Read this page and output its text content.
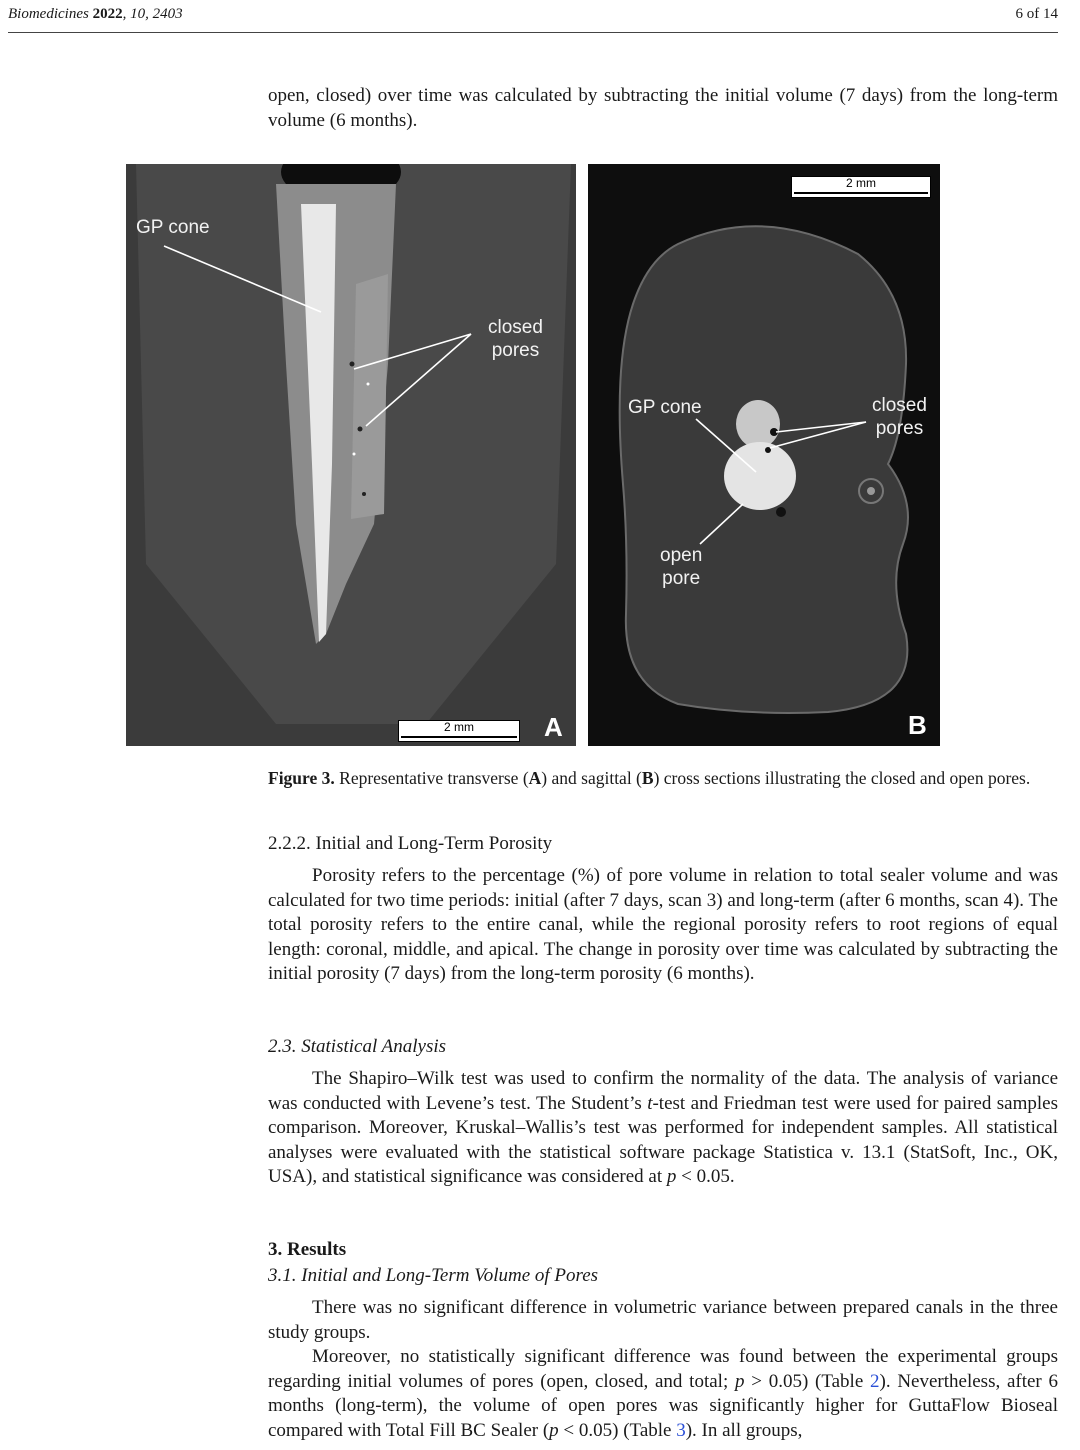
Biomedicines 2022, 10, 2403	6 of 14

open, closed) over time was calculated by subtracting the initial volume (7 days) from the long-term volume (6 months).

GP cone
closed
pores
2 mm	A
2 mm
GP cone	closed
pores
open
pore
B
Figure 3. Representative transverse (A) and sagittal (B) cross sections illustrating the closed and open pores.
2.2.2. Initial and Long-Term Porosity

Porosity refers to the percentage (%) of pore volume in relation to total sealer volume and was calculated for two time periods: initial (after 7 days, scan 3) and long-term (after 6 months, scan 4). The total porosity refers to the entire canal, while the regional porosity refers to root regions of equal length: coronal, middle, and apical. The change in porosity over time was calculated by subtracting the initial porosity (7 days) from the long-term porosity (6 months).

2.3. Statistical Analysis

The Shapiro–Wilk test was used to confirm the normality of the data. The analysis of variance was conducted with Levene’s test. The Student’s t-test and Friedman test were used for paired samples comparison. Moreover, Kruskal–Wallis’s test was performed for independent samples. All statistical analyses were evaluated with the statistical software package Statistica v. 13.1 (StatSoft, Inc., OK, USA), and statistical significance was considered at p < 0.05.

3. Results
3.1. Initial and Long-Term Volume of Pores

There was no significant difference in volumetric variance between prepared canals in the three study groups.

Moreover, no statistically significant difference was found between the experimental groups regarding initial volumes of pores (open, closed, and total; p > 0.05) (Table 2). Nevertheless, after 6 months (long-term), the volume of open pores was significantly higher for GuttaFlow Bioseal compared with Total Fill BC Sealer (p < 0.05) (Table 3). In all groups,
